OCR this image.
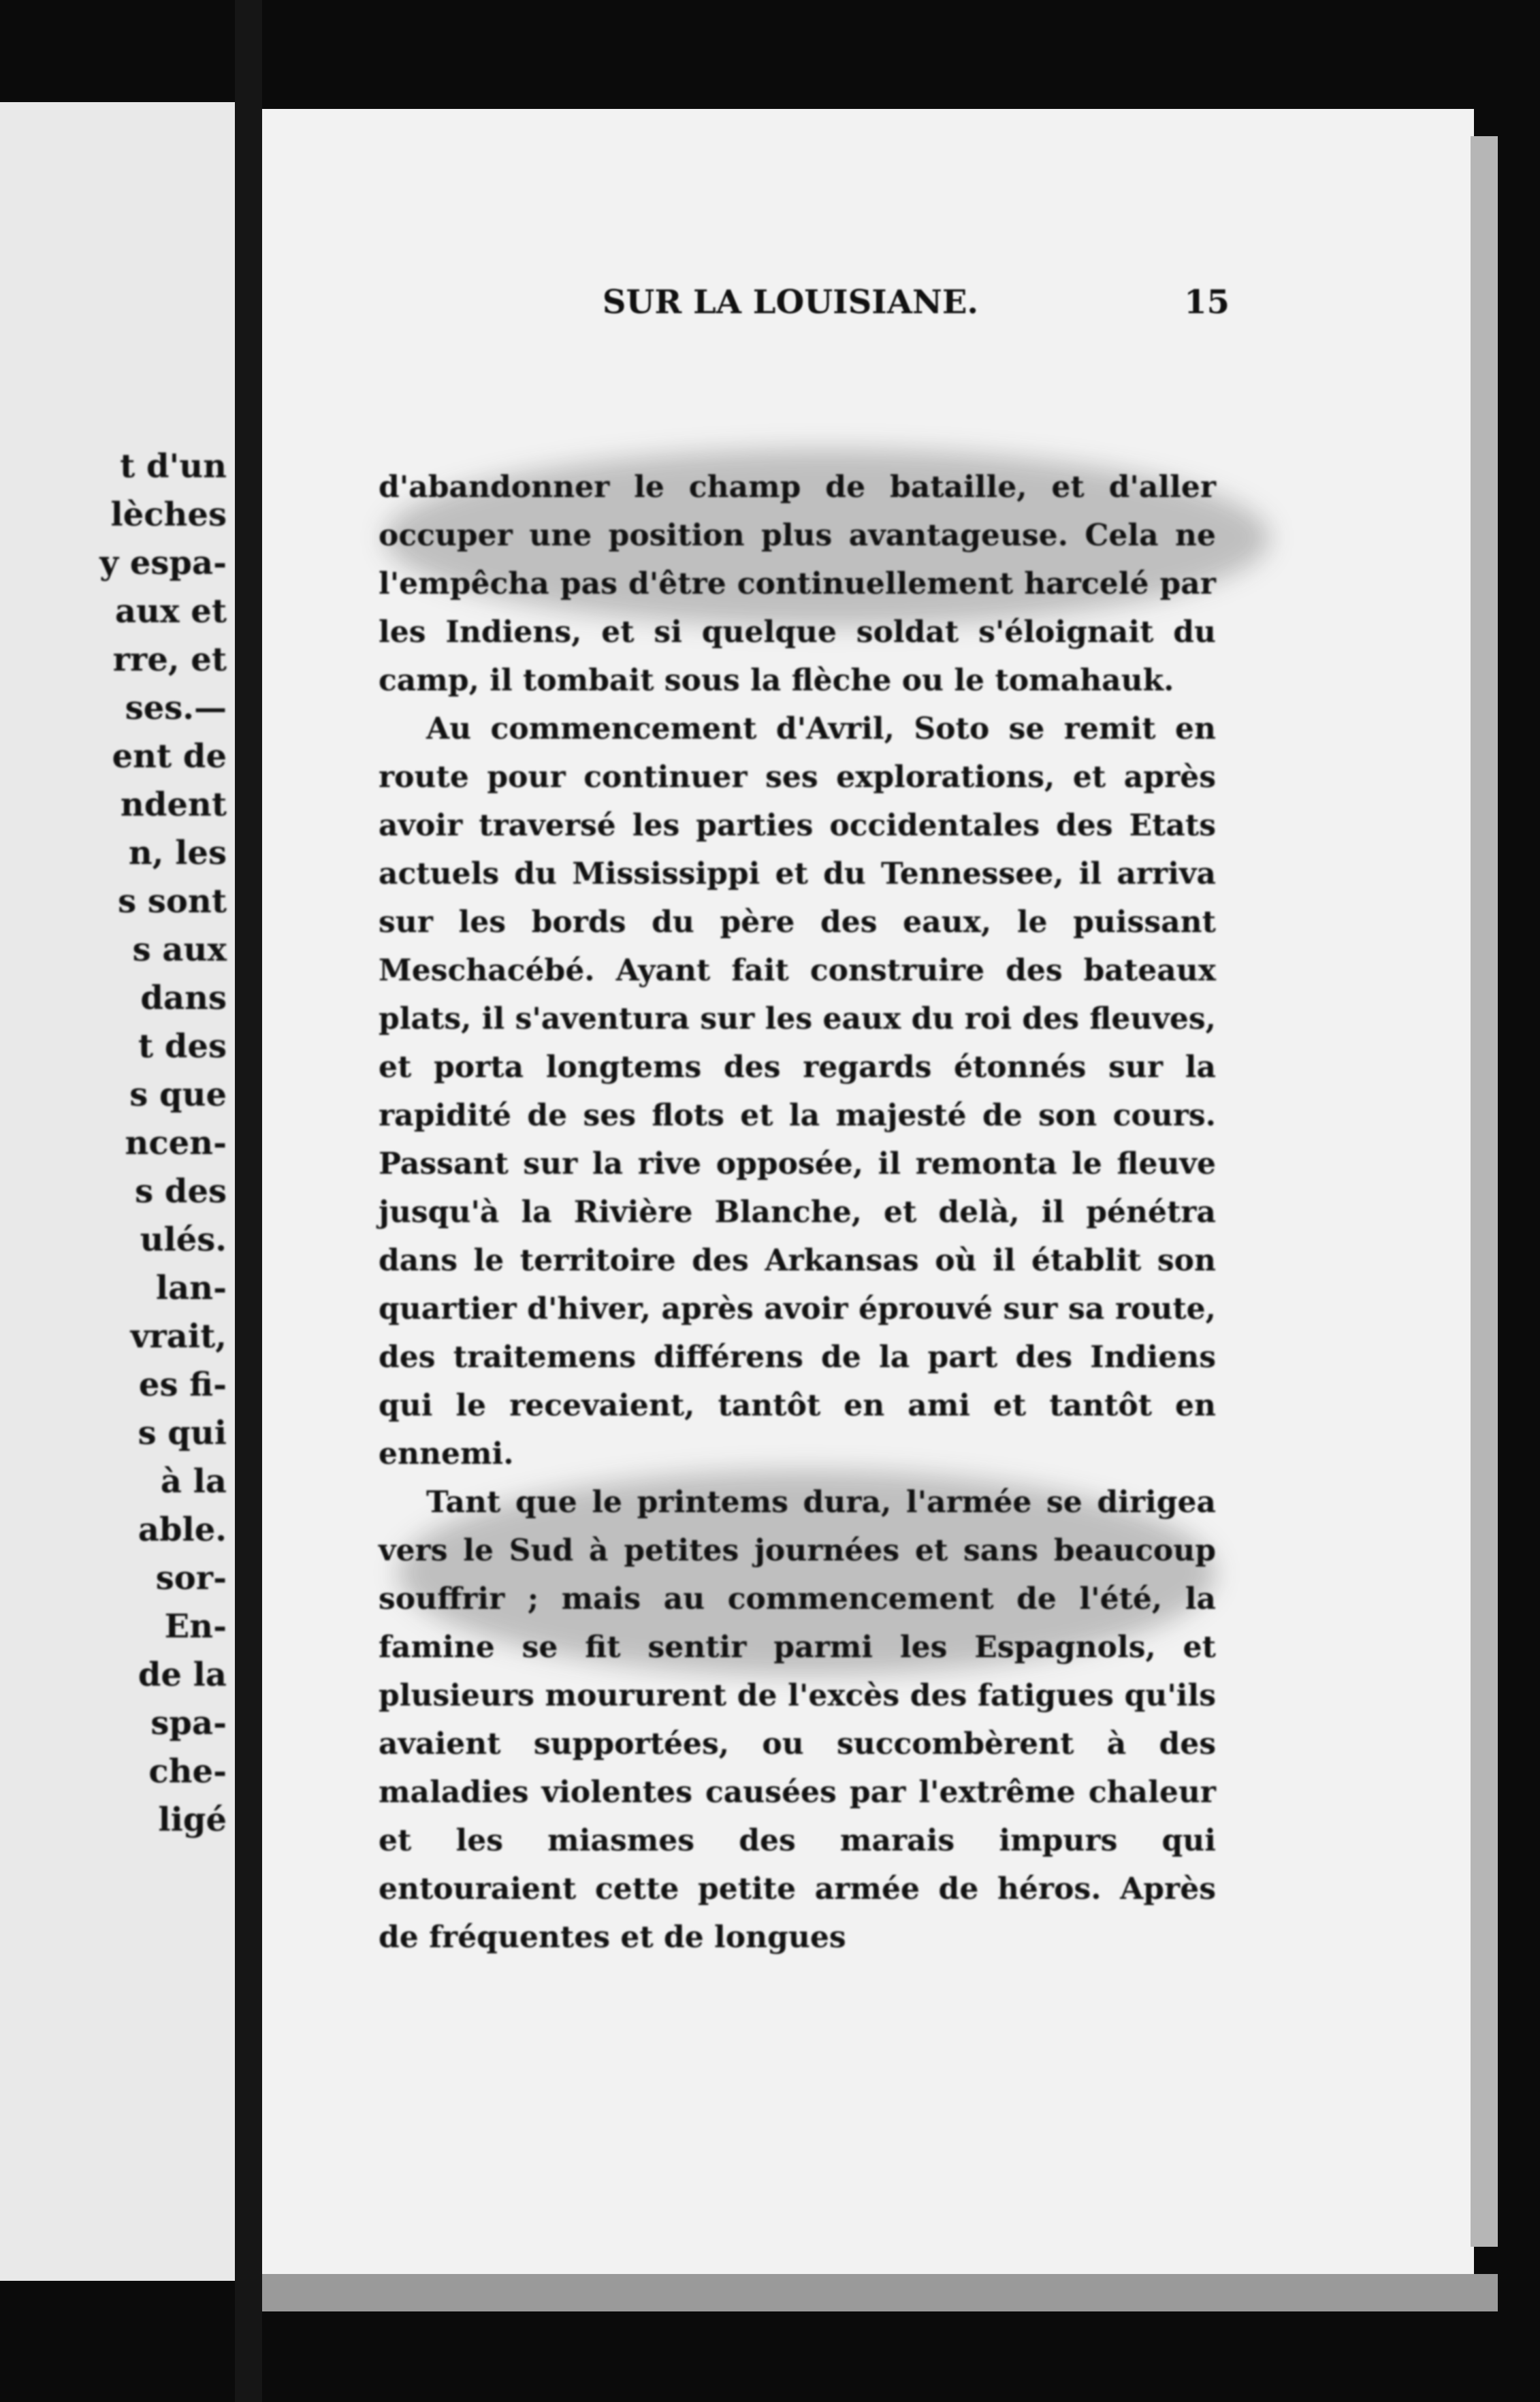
t d'un
lèches
y espa-
aux et
rre, et
ses.—
ent de
ndent
n, les
s sont
s aux
dans
t des
s que
ncen-
s des
ulés.
lan-
vrait,
es fi-
s qui
à la
able.
sor-
En-
de la
spa-
che-
ligé
SUR LA LOUISIANE.	15

d'abandonner le champ de bataille, et d'aller occuper une position plus avantageuse. Cela ne l'empêcha pas d'être continuellement harcelé par les Indiens, et si quelque soldat s'éloignait du camp, il tombait sous la flèche ou le tomahauk.

Au commencement d'Avril, Soto se remit en route pour continuer ses explorations, et après avoir traversé les parties occidentales des Etats actuels du Mississippi et du Tennessee, il arriva sur les bords du père des eaux, le puissant Meschacébé. Ayant fait construire des bateaux plats, il s'aventura sur les eaux du roi des fleuves, et porta longtems des regards étonnés sur la rapidité de ses flots et la majesté de son cours. Passant sur la rive opposée, il remonta le fleuve jusqu'à la Rivière Blanche, et delà, il pénétra dans le territoire des Arkansas où il établit son quartier d'hiver, après avoir éprouvé sur sa route, des traitemens différens de la part des Indiens qui le recevaient, tantôt en ami et tantôt en ennemi.

Tant que le printems dura, l'armée se dirigea vers le Sud à petites journées et sans beaucoup souffrir ; mais au commencement de l'été, la famine se fit sentir parmi les Espagnols, et plusieurs moururent de l'excès des fatigues qu'ils avaient supportées, ou succombèrent à des maladies violentes causées par l'extrême chaleur et les miasmes des marais impurs qui entouraient cette petite armée de héros. Après de fréquentes et de longues
